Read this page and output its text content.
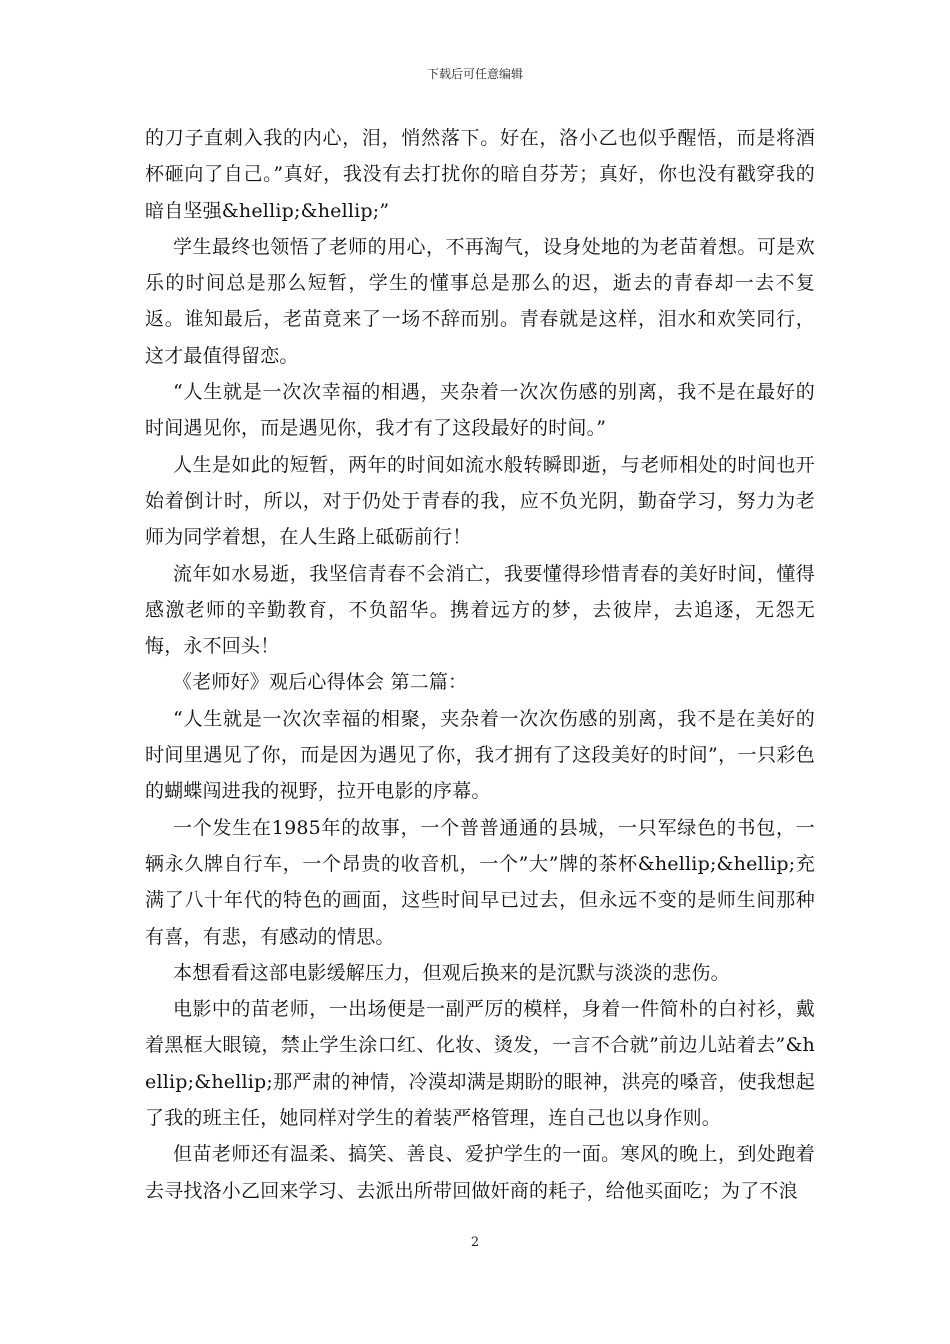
下载后可任意编辑

的刀子直刺入我的内心，泪，悄然落下。好在，洛小乙也似乎醒悟，而是将酒杯砸向了自己。”真好，我没有去打扰你的暗自芬芳；真好，你也没有戳穿我的暗自坚强&hellip;&hellip;”

学生最终也领悟了老师的用心，不再淘气，设身处地的为老苗着想。可是欢乐的时间总是那么短暂，学生的懂事总是那么的迟，逝去的青春却一去不复返。谁知最后，老苗竟来了一场不辞而别。青春就是这样，泪水和欢笑同行，这才最值得留恋。

“人生就是一次次幸福的相遇，夹杂着一次次伤感的别离，我不是在最好的时间遇见你，而是遇见你，我才有了这段最好的时间。”

人生是如此的短暂，两年的时间如流水般转瞬即逝，与老师相处的时间也开始着倒计时，所以，对于仍处于青春的我，应不负光阴，勤奋学习，努力为老师为同学着想，在人生路上砥砺前行！

流年如水易逝，我坚信青春不会消亡，我要懂得珍惜青春的美好时间，懂得感激老师的辛勤教育，不负韶华。携着远方的梦，去彼岸，去追逐，无怨无悔，永不回头！

《老师好》观后心得体会 第二篇：

“人生就是一次次幸福的相聚，夹杂着一次次伤感的别离，我不是在美好的时间里遇见了你，而是因为遇见了你，我才拥有了这段美好的时间”，一只彩色的蝴蝶闯进我的视野，拉开电影的序幕。

一个发生在1985年的故事，一个普普通通的县城，一只军绿色的书包，一辆永久牌自行车，一个昂贵的收音机，一个”大”牌的茶杯&hellip;&hellip;充满了八十年代的特色的画面，这些时间早已过去，但永远不变的是师生间那种有喜，有悲，有感动的情思。

本想看看这部电影缓解压力，但观后换来的是沉默与淡淡的悲伤。

电影中的苗老师，一出场便是一副严厉的模样，身着一件简朴的白衬衫，戴着黑框大眼镜，禁止学生涂口红、化妆、烫发，一言不合就”前边儿站着去”&hellip;&hellip;那严肃的神情，冷漠却满是期盼的眼神，洪亮的嗓音，使我想起了我的班主任，她同样对学生的着装严格管理，连自己也以身作则。

但苗老师还有温柔、搞笑、善良、爱护学生的一面。寒风的晚上，到处跑着去寻找洛小乙回来学习、去派出所带回做奸商的耗子，给他买面吃；为了不浪

2
